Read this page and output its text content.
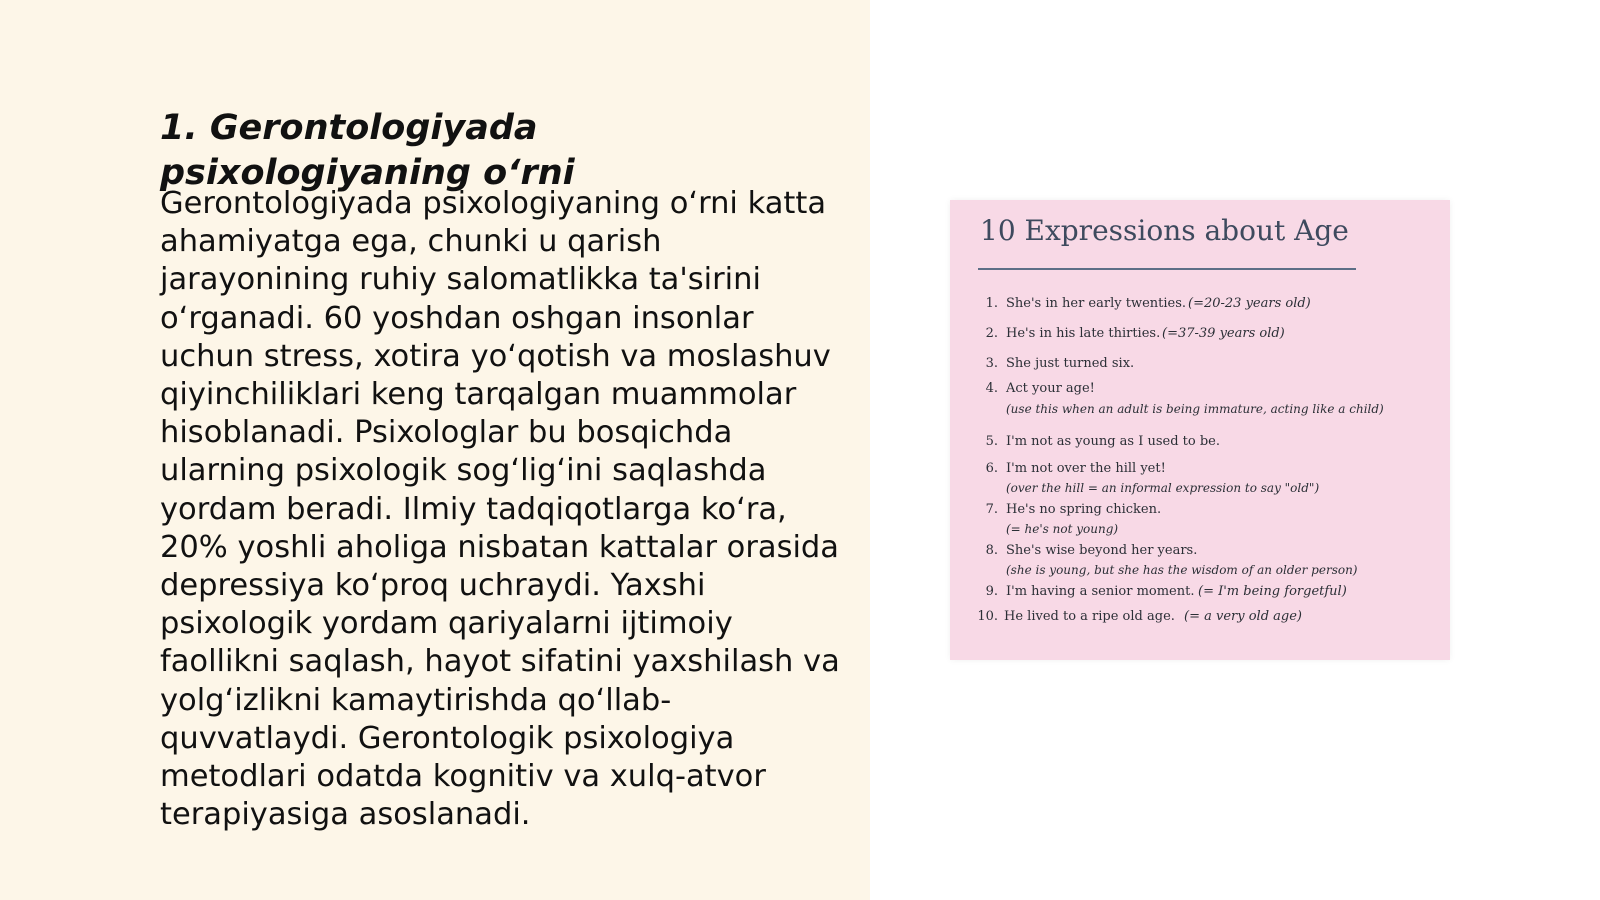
1. Gerontologiyada psixologiyaning o‘rni

Gerontologiyada psixologiyaning o‘rni katta ahamiyatga ega, chunki u qarish jarayonining ruhiy salomatlikka ta'sirini o‘rganadi. 60 yoshdan oshgan insonlar uchun stress, xotira yo‘qotish va moslashuv qiyinchiliklari keng tarqalgan muammolar hisoblanadi. Psixologlar bu bosqichda ularning psixologik sog‘lig‘ini saqlashda yordam beradi. Ilmiy tadqiqotlarga ko‘ra, 20% yoshli aholiga nisbatan kattalar orasida depressiya ko‘proq uchraydi. Yaxshi psixologik yordam qariyalarni ijtimoiy faollikni saqlash, hayot sifatini yaxshilash va yolg‘izlikni kamaytirishda qo‘llab-quvvatlaydi. Gerontologik psixologiya metodlari odatda kognitiv va xulq-atvor terapiyasiga asoslanadi.

10 Expressions about Age
1. She's in her early twenties. (=20-23 years old)
2. He's in his late thirties. (=37-39 years old)
3. She just turned six.
4. Act your age!
(use this when an adult is being immature, acting like a child)
5. I'm not as young as I used to be.
6. I'm not over the hill yet!
(over the hill = an informal expression to say "old")
7. He's no spring chicken.
(= he's not young)
8. She's wise beyond her years.
(she is young, but she has the wisdom of an older person)
9. I'm having a senior moment. (= I'm being forgetful)
10. He lived to a ripe old age. (= a very old age)
